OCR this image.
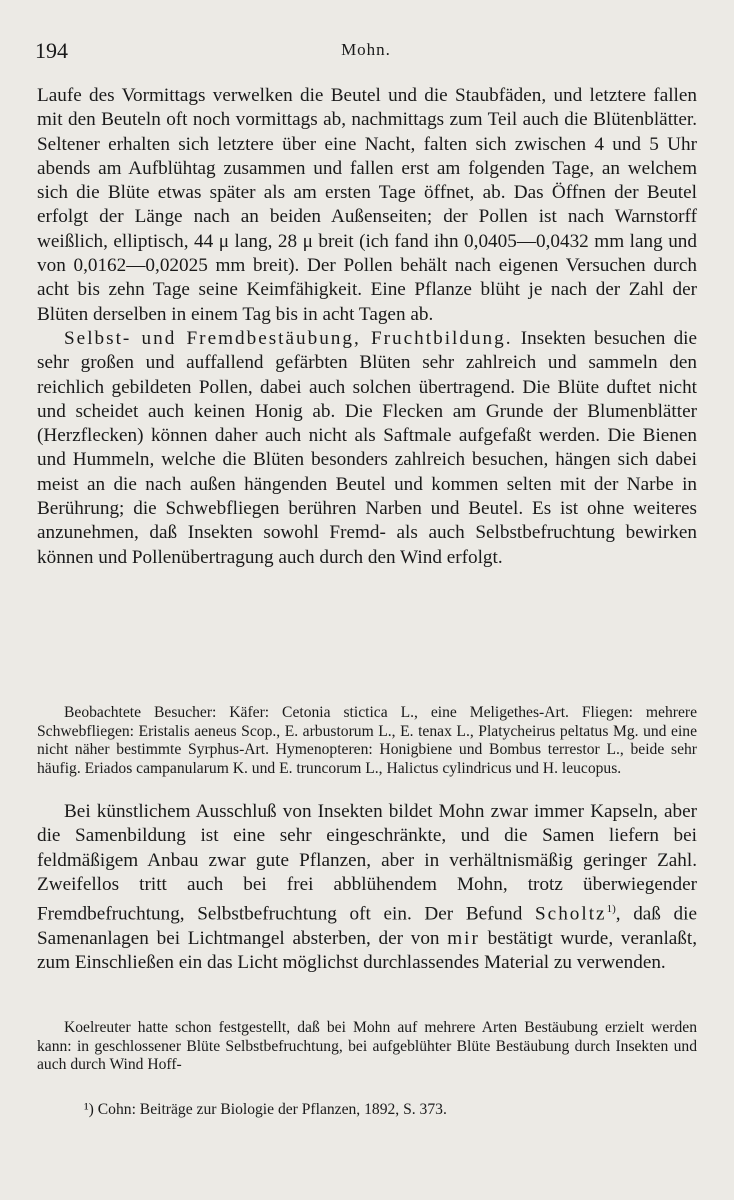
194	Mohn.

Laufe des Vormittags verwelken die Beutel und die Staubfäden, und letztere fallen mit den Beuteln oft noch vormittags ab, nachmittags zum Teil auch die Blütenblätter. Seltener erhalten sich letztere über eine Nacht, falten sich zwischen 4 und 5 Uhr abends am Aufblühtag zusammen und fallen erst am folgenden Tage, an welchem sich die Blüte etwas später als am ersten Tage öffnet, ab. Das Öffnen der Beutel erfolgt der Länge nach an beiden Außenseiten; der Pollen ist nach Warnstorff weißlich, elliptisch, 44 μ lang, 28 μ breit (ich fand ihn 0,0405—0,0432 mm lang und von 0,0162—0,02025 mm breit). Der Pollen behält nach eigenen Versuchen durch acht bis zehn Tage seine Keimfähigkeit. Eine Pflanze blüht je nach der Zahl der Blüten derselben in einem Tag bis in acht Tagen ab.

Selbst- und Fremdbestäubung, Fruchtbildung. Insekten besuchen die sehr großen und auffallend gefärbten Blüten sehr zahlreich und sammeln den reichlich gebildeten Pollen, dabei auch solchen übertragend. Die Blüte duftet nicht und scheidet auch keinen Honig ab. Die Flecken am Grunde der Blumenblätter (Herzflecken) können daher auch nicht als Saftmale aufgefaßt werden. Die Bienen und Hummeln, welche die Blüten besonders zahlreich besuchen, hängen sich dabei meist an die nach außen hängenden Beutel und kommen selten mit der Narbe in Berührung; die Schwebfliegen berühren Narben und Beutel. Es ist ohne weiteres anzunehmen, daß Insekten sowohl Fremd- als auch Selbstbefruchtung bewirken können und Pollenübertragung auch durch den Wind erfolgt.

Beobachtete Besucher: Käfer: Cetonia stictica L., eine Meligethes-Art. Fliegen: mehrere Schwebfliegen: Eristalis aeneus Scop., E. arbustorum L., E. tenax L., Platycheirus peltatus Mg. und eine nicht näher bestimmte Syrphus-Art. Hymenopteren: Honigbiene und Bombus terrestor L., beide sehr häufig. Eriados campanularum K. und E. truncorum L., Halictus cylindricus und H. leucopus.

Bei künstlichem Ausschluß von Insekten bildet Mohn zwar immer Kapseln, aber die Samenbildung ist eine sehr eingeschränkte, und die Samen liefern bei feldmäßigem Anbau zwar gute Pflanzen, aber in verhältnismäßig geringer Zahl. Zweifellos tritt auch bei frei abblühendem Mohn, trotz überwiegender Fremdbefruchtung, Selbstbefruchtung oft ein. Der Befund Scholtz$^{1)}$, daß die Samenanlagen bei Lichtmangel absterben, der von mir bestätigt wurde, veranlaßt, zum Einschließen ein das Licht möglichst durchlassendes Material zu verwenden.

Koelreuter hatte schon festgestellt, daß bei Mohn auf mehrere Arten Bestäubung erzielt werden kann: in geschlossener Blüte Selbstbefruchtung, bei aufgeblühter Blüte Bestäubung durch Insekten und auch durch Wind Hoff-

¹) Cohn: Beiträge zur Biologie der Pflanzen, 1892, S. 373.
